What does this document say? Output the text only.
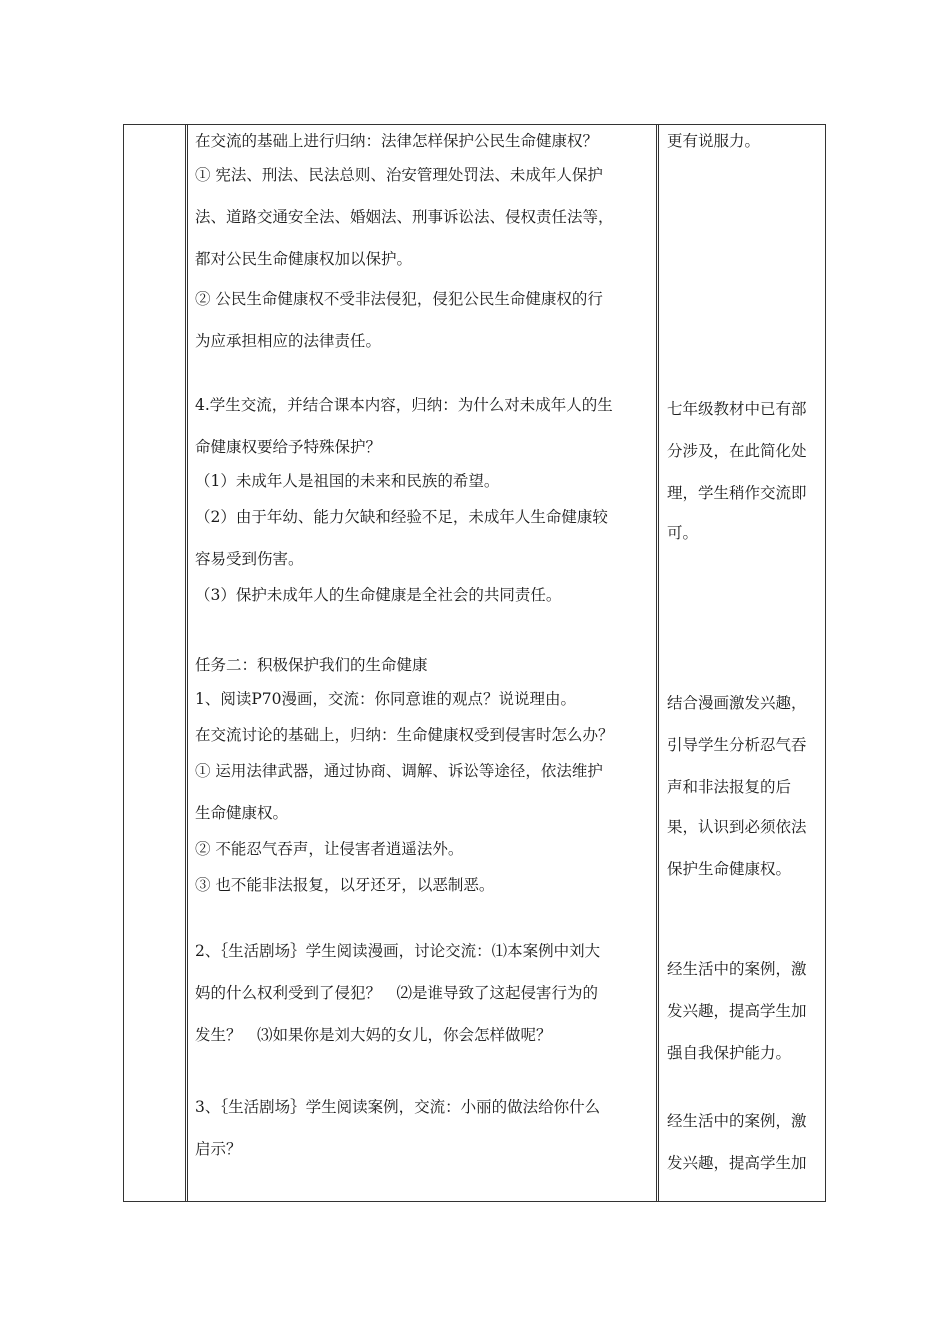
在交流的基础上进行归纳：法律怎样保护公民生命健康权？
① 宪法、刑法、民法总则、治安管理处罚法、未成年人保护
法、道路交通安全法、婚姻法、刑事诉讼法、侵权责任法等，
都对公民生命健康权加以保护。
② 公民生命健康权不受非法侵犯，侵犯公民生命健康权的行
为应承担相应的法律责任。
4.学生交流，并结合课本内容，归纳：为什么对未成年人的生
命健康权要给予特殊保护？
（1）未成年人是祖国的未来和民族的希望。
（2）由于年幼、能力欠缺和经验不足，未成年人生命健康较
容易受到伤害。
（3）保护未成年人的生命健康是全社会的共同责任。
任务二：积极保护我们的生命健康
1、阅读P70漫画，交流：你同意谁的观点？说说理由。
在交流讨论的基础上，归纳：生命健康权受到侵害时怎么办？
① 运用法律武器，通过协商、调解、诉讼等途径，依法维护
生命健康权。
② 不能忍气吞声，让侵害者逍遥法外。
③ 也不能非法报复，以牙还牙，以恶制恶。
2、｛生活剧场｝学生阅读漫画，讨论交流：⑴本案例中刘大
妈的什么权利受到了侵犯？　⑵是谁导致了这起侵害行为的
发生？　⑶如果你是刘大妈的女儿，你会怎样做呢？
3、｛生活剧场｝学生阅读案例，交流：小丽的做法给你什么
启示？
更有说服力。
七年级教材中已有部
分涉及，在此简化处
理，学生稍作交流即
可。
结合漫画激发兴趣，
引导学生分析忍气吞
声和非法报复的后
果，认识到必须依法
保护生命健康权。
经生活中的案例，激
发兴趣，提高学生加
强自我保护能力。
经生活中的案例，激
发兴趣，提高学生加
